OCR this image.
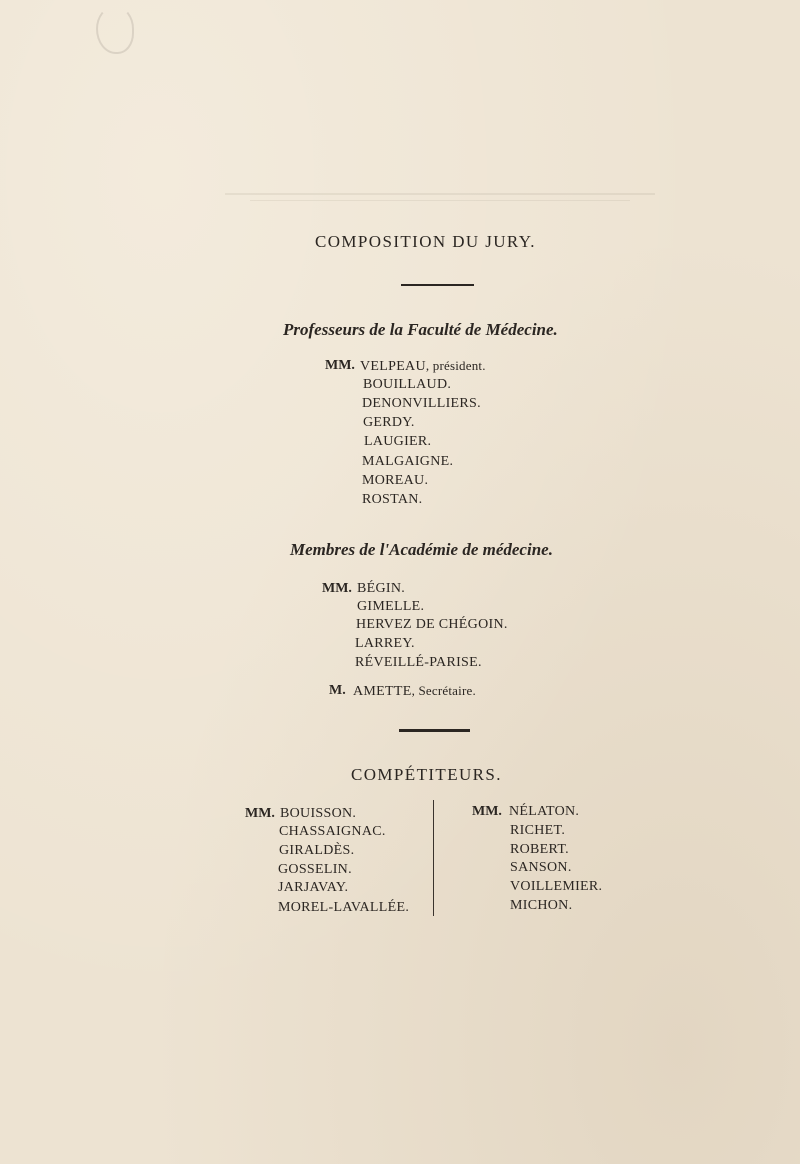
COMPOSITION DU JURY.
Professeurs de la Faculté de Médecine.
MM. VELPEAU, président.
BOUILLAUD.
DENONVILLIERS.
GERDY.
LAUGIER.
MALGAIGNE.
MOREAU.
ROSTAN.
Membres de l'Académie de médecine.
MM. BÉGIN.
GIMELLE.
HERVEZ DE CHÉGOIN.
LARREY.
RÉVEILLÉ-PARISE.
M. AMETTE, Secrétaire.
COMPÉTITEURS.
MM. BOUISSON.
CHASSAIGNAC.
GIRALDÈS.
GOSSELIN.
JARJAVAY.
MOREL-LAVALLÉE.
MM. NÉLATON.
RICHET.
ROBERT.
SANSON.
VOILLEMIER.
MICHON.
